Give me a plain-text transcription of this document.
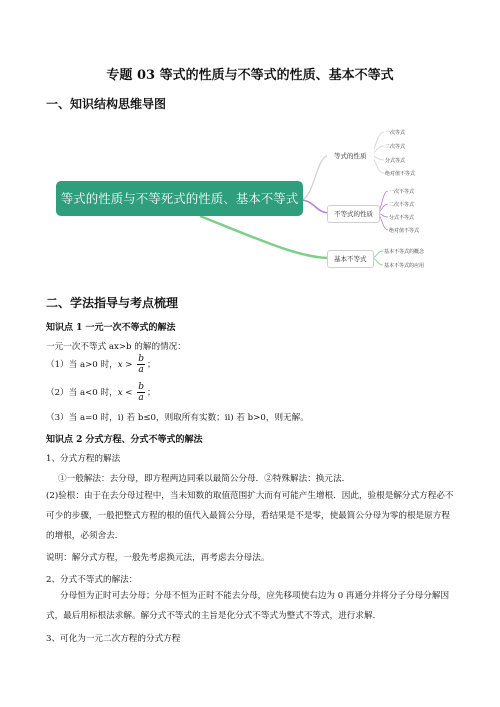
专题 03 等式的性质与不等式的性质、基本不等式
一、知识结构思维导图
等式的性质与不等死式的性质、基本不等式
等式的性质
不等式的性质
基本不等式
一次等式
二次等式
分式等式
绝对值不等式
一次不等式
二次不等式
分式不等式
绝对值不等式
基本不等式的概念
基本不等式的应用
二、学法指导与考点梳理
知识点 1 一元一次不等式的解法
一元一次不等式 ax>b 的解的情况：
（1）当 a>0 时，$x > \frac{b}{a}$ ；
（2）当 a<0 时，$x < \frac{b}{a}$ ；
（3）当 a=0 时，i) 若 b≤0，则取所有实数；ii) 若 b>0，则无解。
知识点 2 分式方程、分式不等式的解法
1、分式方程的解法
①一般解法：去分母，即方程两边同乘以最简公分母．②特殊解法：换元法．
(2)验根：由于在去分母过程中，当未知数的取值范围扩大而有可能产生增根．因此，验根是解分式方程必不可少的步骤，一般把整式方程的根的值代入最简公分母，看结果是不是零，使最简公分母为零的根是原方程的增根，必须舍去．
说明：解分式方程，一般先考虑换元法，再考虑去分母法。
2、分式不等式的解法：
分母恒为正时可去分母；分母不恒为正时不能去分母，应先移项使右边为 0 再通分并将分子分母分解因式，最后用标根法求解。解分式不等式的主旨是化分式不等式为整式不等式，进行求解．
3、可化为一元二次方程的分式方程
